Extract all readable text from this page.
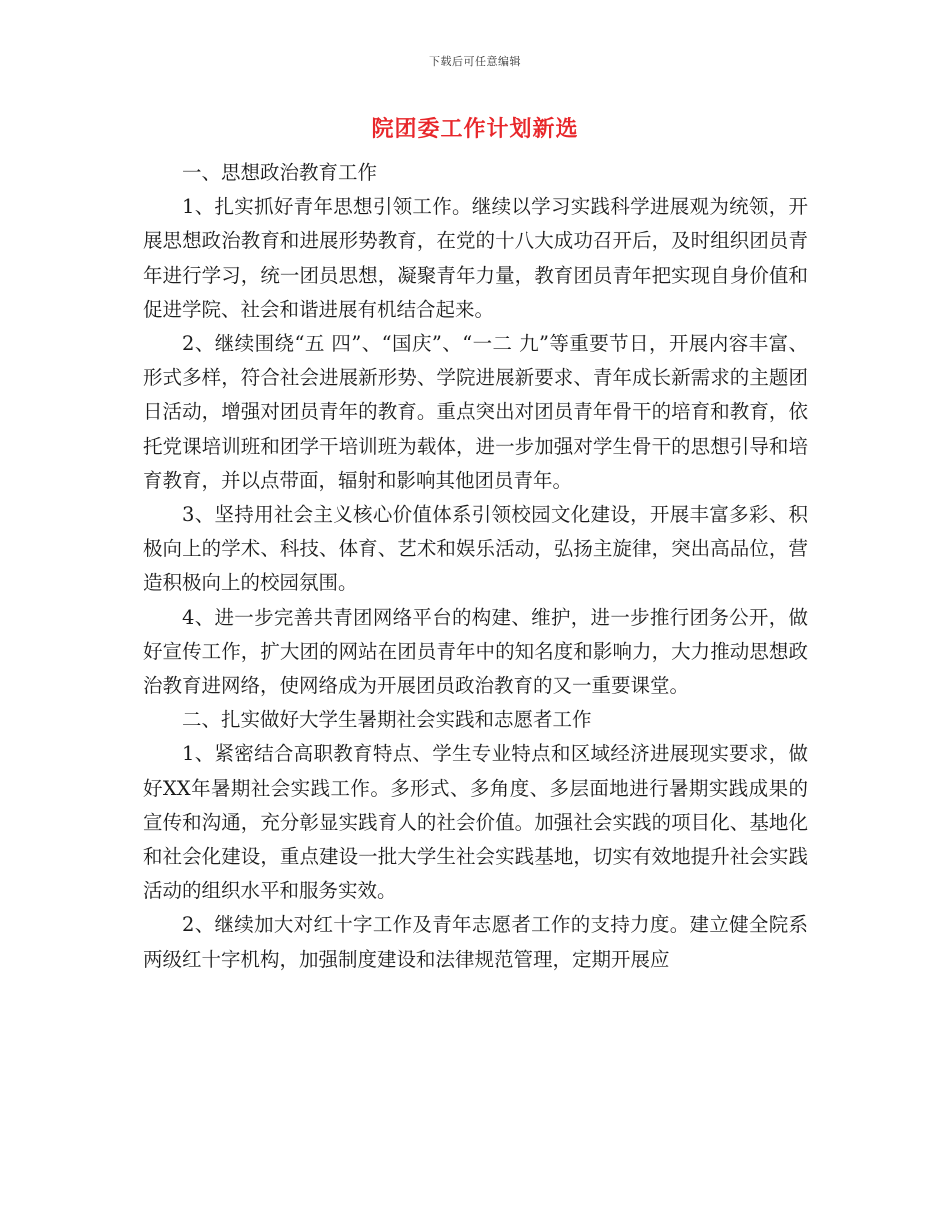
下载后可任意编辑
院团委工作计划新选

一、思想政治教育工作

1、扎实抓好青年思想引领工作。继续以学习实践科学进展观为统领，开展思想政治教育和进展形势教育，在党的十八大成功召开后，及时组织团员青年进行学习，统一团员思想，凝聚青年力量，教育团员青年把实现自身价值和促进学院、社会和谐进展有机结合起来。

2、继续围绕“五 四”、“国庆”、“一二 九”等重要节日，开展内容丰富、形式多样，符合社会进展新形势、学院进展新要求、青年成长新需求的主题团日活动，增强对团员青年的教育。重点突出对团员青年骨干的培育和教育，依托党课培训班和团学干培训班为载体，进一步加强对学生骨干的思想引导和培育教育，并以点带面，辐射和影响其他团员青年。

3、坚持用社会主义核心价值体系引领校园文化建设，开展丰富多彩、积极向上的学术、科技、体育、艺术和娱乐活动，弘扬主旋律，突出高品位，营造积极向上的校园氛围。

4、进一步完善共青团网络平台的构建、维护，进一步推行团务公开，做好宣传工作，扩大团的网站在团员青年中的知名度和影响力，大力推动思想政治教育进网络，使网络成为开展团员政治教育的又一重要课堂。

二、扎实做好大学生暑期社会实践和志愿者工作

1、紧密结合高职教育特点、学生专业特点和区域经济进展现实要求，做好XX年暑期社会实践工作。多形式、多角度、多层面地进行暑期实践成果的宣传和沟通，充分彰显实践育人的社会价值。加强社会实践的项目化、基地化和社会化建设，重点建设一批大学生社会实践基地，切实有效地提升社会实践活动的组织水平和服务实效。

2、继续加大对红十字工作及青年志愿者工作的支持力度。建立健全院系两级红十字机构，加强制度建设和法律规范管理，定期开展应
